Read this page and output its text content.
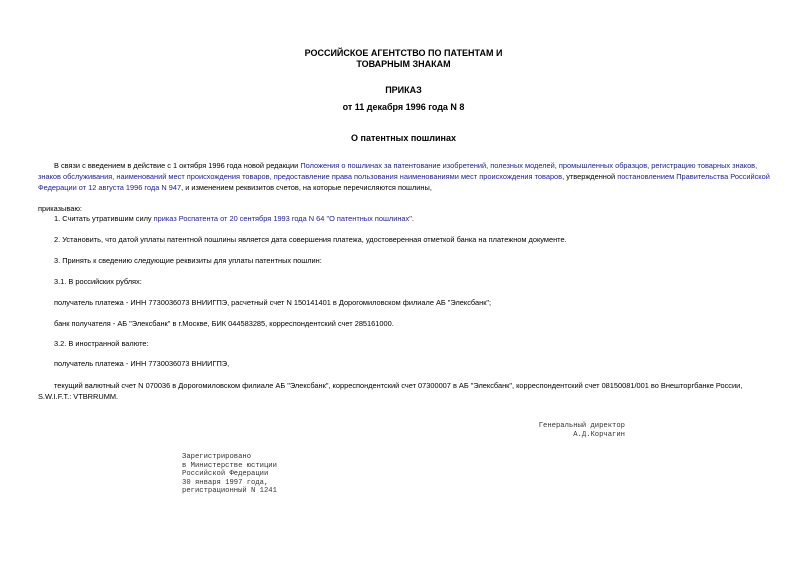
РОССИЙСКОЕ АГЕНТСТВО ПО ПАТЕНТАМ И
ТОВАРНЫМ ЗНАКАМ
ПРИКАЗ
от 11 декабря 1996 года N 8
О патентных пошлинах
В связи с введением в действие с 1 октября 1996 года новой редакции Положения о пошлинах за патентование изобретений, полезных моделей, промышленных образцов, регистрацию товарных знаков, знаков обслуживания, наименований мест происхождения товаров, предоставление права пользования наименованиями мест происхождения товаров, утвержденной постановлением Правительства Российской Федерации от 12 августа 1996 года N 947, и изменением реквизитов счетов, на которые перечисляются пошлины,
приказываю:
1. Считать утратившим силу приказ Роспатента от 20 сентября 1993 года N 64 "О патентных пошлинах".
2. Установить, что датой уплаты патентной пошлины является дата совершения платежа, удостоверенная отметкой банка на платежном документе.
3. Принять к сведению следующие реквизиты для уплаты патентных пошлин:
3.1. В российских рублях:
получатель платежа - ИНН 7730036073 ВНИИГПЭ, расчетный счет N 150141401 в Дорогомиловском филиале АБ "Элексбанк";
банк получателя - АБ "Элексбанк" в г.Москве, БИК 044583285, корреспондентский счет 285161000.
3.2. В иностранной валюте:
получатель платежа - ИНН 7730036073 ВНИИГПЭ,
текущий валютный счет N 070036 в Дорогомиловском филиале АБ "Элексбанк", корреспондентский счет 07300007 в АБ "Элексбанк", корреспондентский счет 08150081/001 во Внешторгбанке России, S.W.I.F.T.: VTBRRUMM.
Генеральный директор
А.Д.Корчагин
Зарегистрировано
в Министерстве юстиции
Российской Федерации
30 января 1997 года,
регистрационный N 1241
